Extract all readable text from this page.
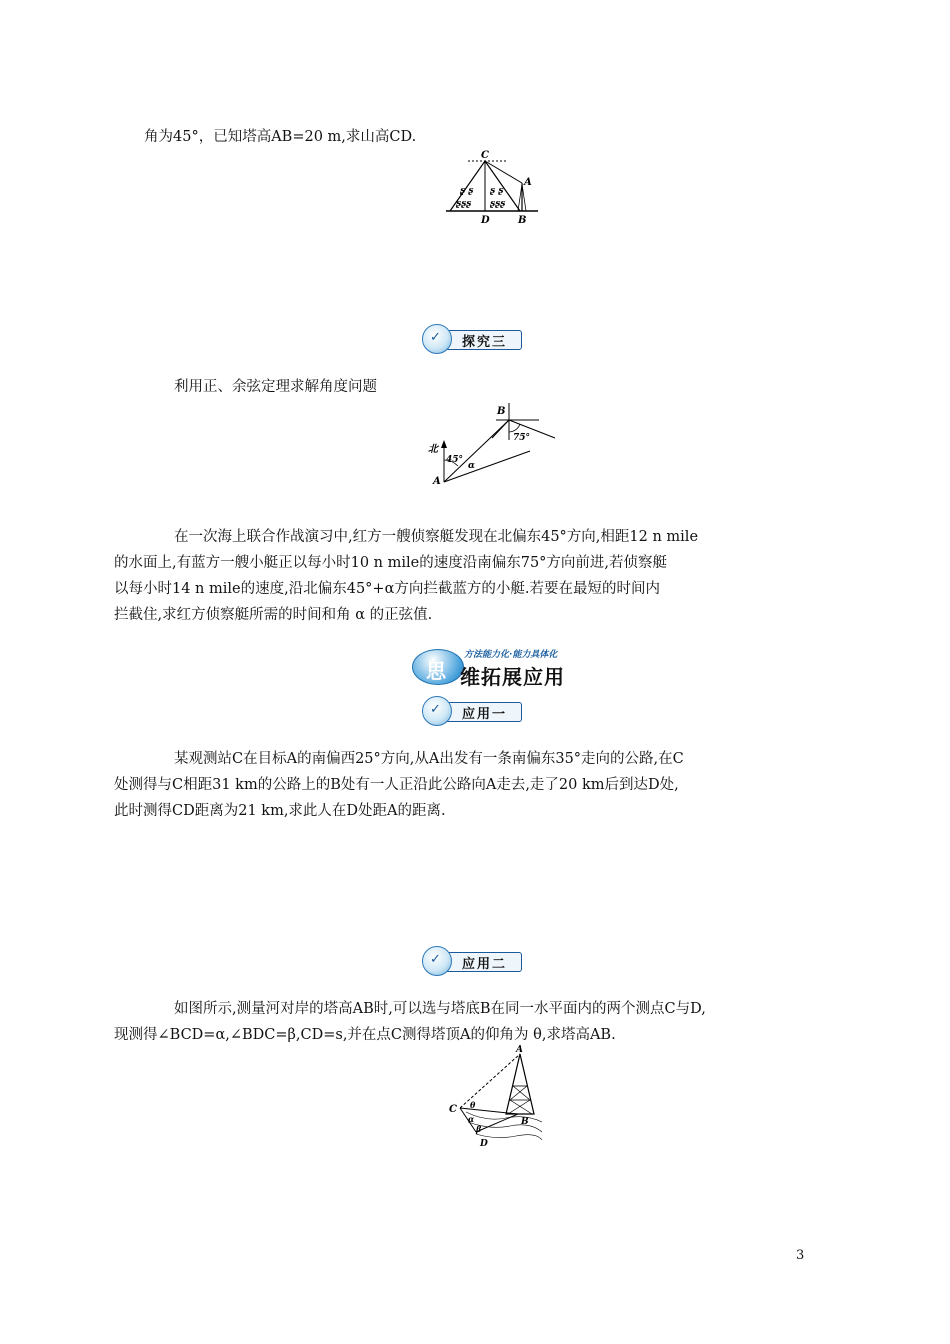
角为45°，已知塔高AB=20 m,求山高CD.
ʂ ʂ
ʂʂʂ
ʂ ʂ
ʂʂʂ
C
A
D	B
✓ 探究三
利用正、余弦定理求解角度问题
北
45°
α
A
B
75°
在一次海上联合作战演习中,红方一艘侦察艇发现在北偏东45°方向,相距12 n mile
的水面上,有蓝方一艘小艇正以每小时10 n mile的速度沿南偏东75°方向前进,若侦察艇
以每小时14 n mile的速度,沿北偏东45°+α方向拦截蓝方的小艇.若要在最短的时间内
拦截住,求红方侦察艇所需的时间和角 α 的正弦值.
思
方法能力化·能力具体化
维拓展应用
✓ 应用一
某观测站C在目标A的南偏西25°方向,从A出发有一条南偏东35°走向的公路,在C
处测得与C相距31 km的公路上的B处有一人正沿此公路向A走去,走了20 km后到达D处,
此时测得CD距离为21 km,求此人在D处距A的距离.
✓ 应用二
如图所示,测量河对岸的塔高AB时,可以选与塔底B在同一水平面内的两个测点C与D,
现测得∠BCD=α,∠BDC=β,CD=s,并在点C测得塔顶A的仰角为 θ,求塔高AB.
A
B
C
D
θ
α
β
3
